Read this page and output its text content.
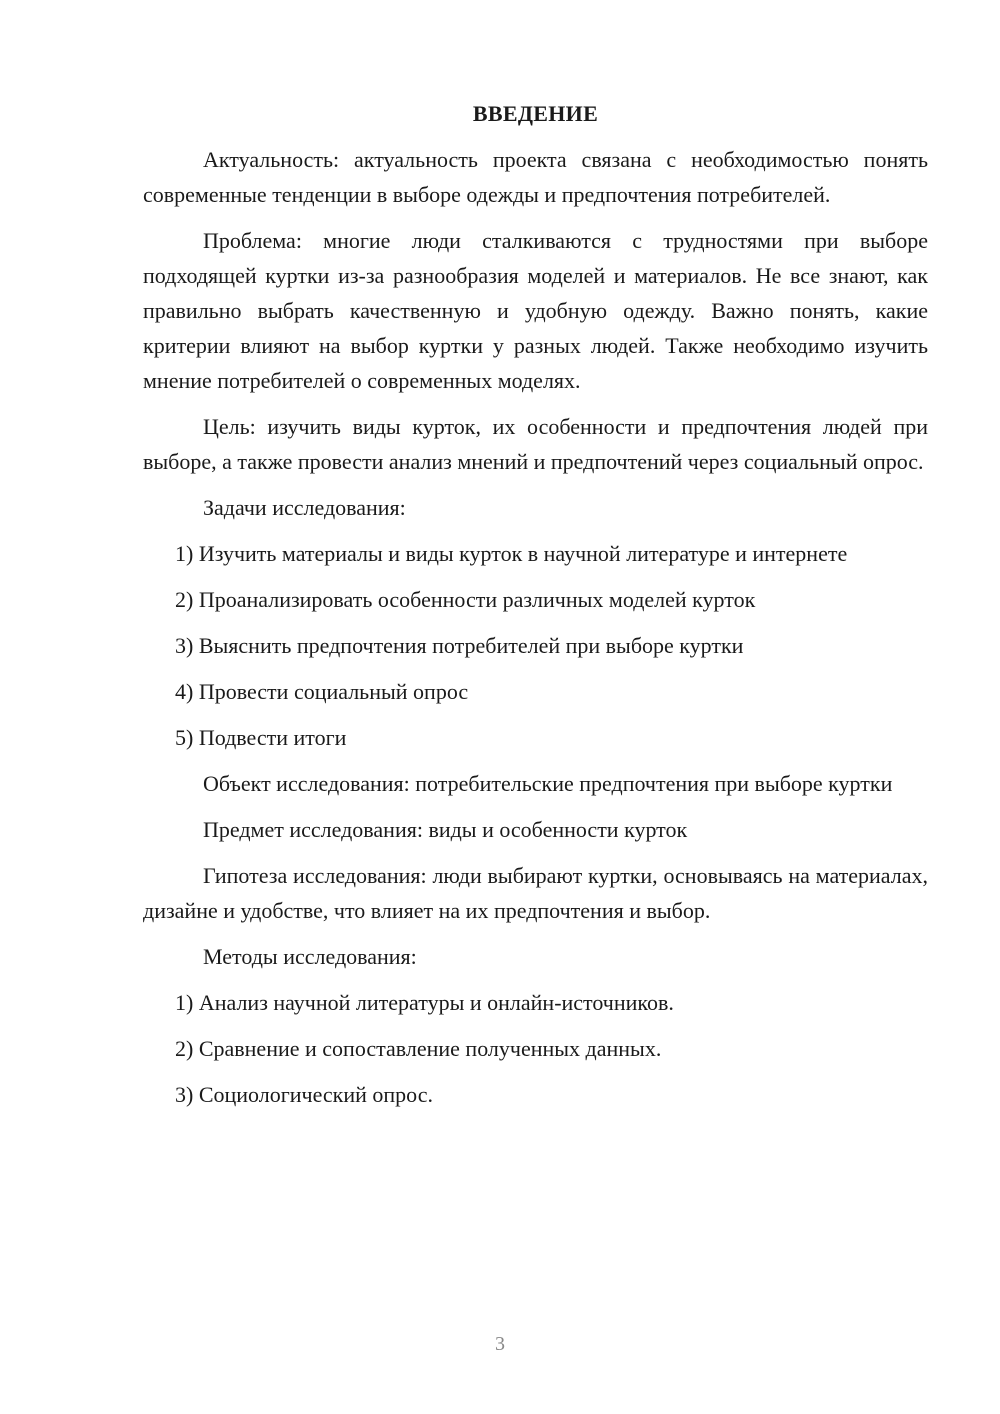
ВВЕДЕНИЕ

Актуальность: актуальность проекта связана с необходимостью понять современные тенденции в выборе одежды и предпочтения потребителей.

Проблема: многие люди сталкиваются с трудностями при выборе подходящей куртки из-за разнообразия моделей и материалов. Не все знают, как правильно выбрать качественную и удобную одежду. Важно понять, какие критерии влияют на выбор куртки у разных людей. Также необходимо изучить мнение потребителей о современных моделях.

Цель: изучить виды курток, их особенности и предпочтения людей при выборе, а также провести анализ мнений и предпочтений через социальный опрос.

Задачи исследования:

1) Изучить материалы и виды курток в научной литературе и интернете

2) Проанализировать особенности различных моделей курток

3) Выяснить предпочтения потребителей при выборе куртки

4) Провести социальный опрос

5) Подвести итоги

Объект исследования: потребительские предпочтения при выборе куртки

Предмет исследования: виды и особенности курток

Гипотеза исследования: люди выбирают куртки, основываясь на материалах, дизайне и удобстве, что влияет на их предпочтения и выбор.

Методы исследования:

1) Анализ научной литературы и онлайн-источников.

2) Сравнение и сопоставление полученных данных.

3) Социологический опрос.

3
